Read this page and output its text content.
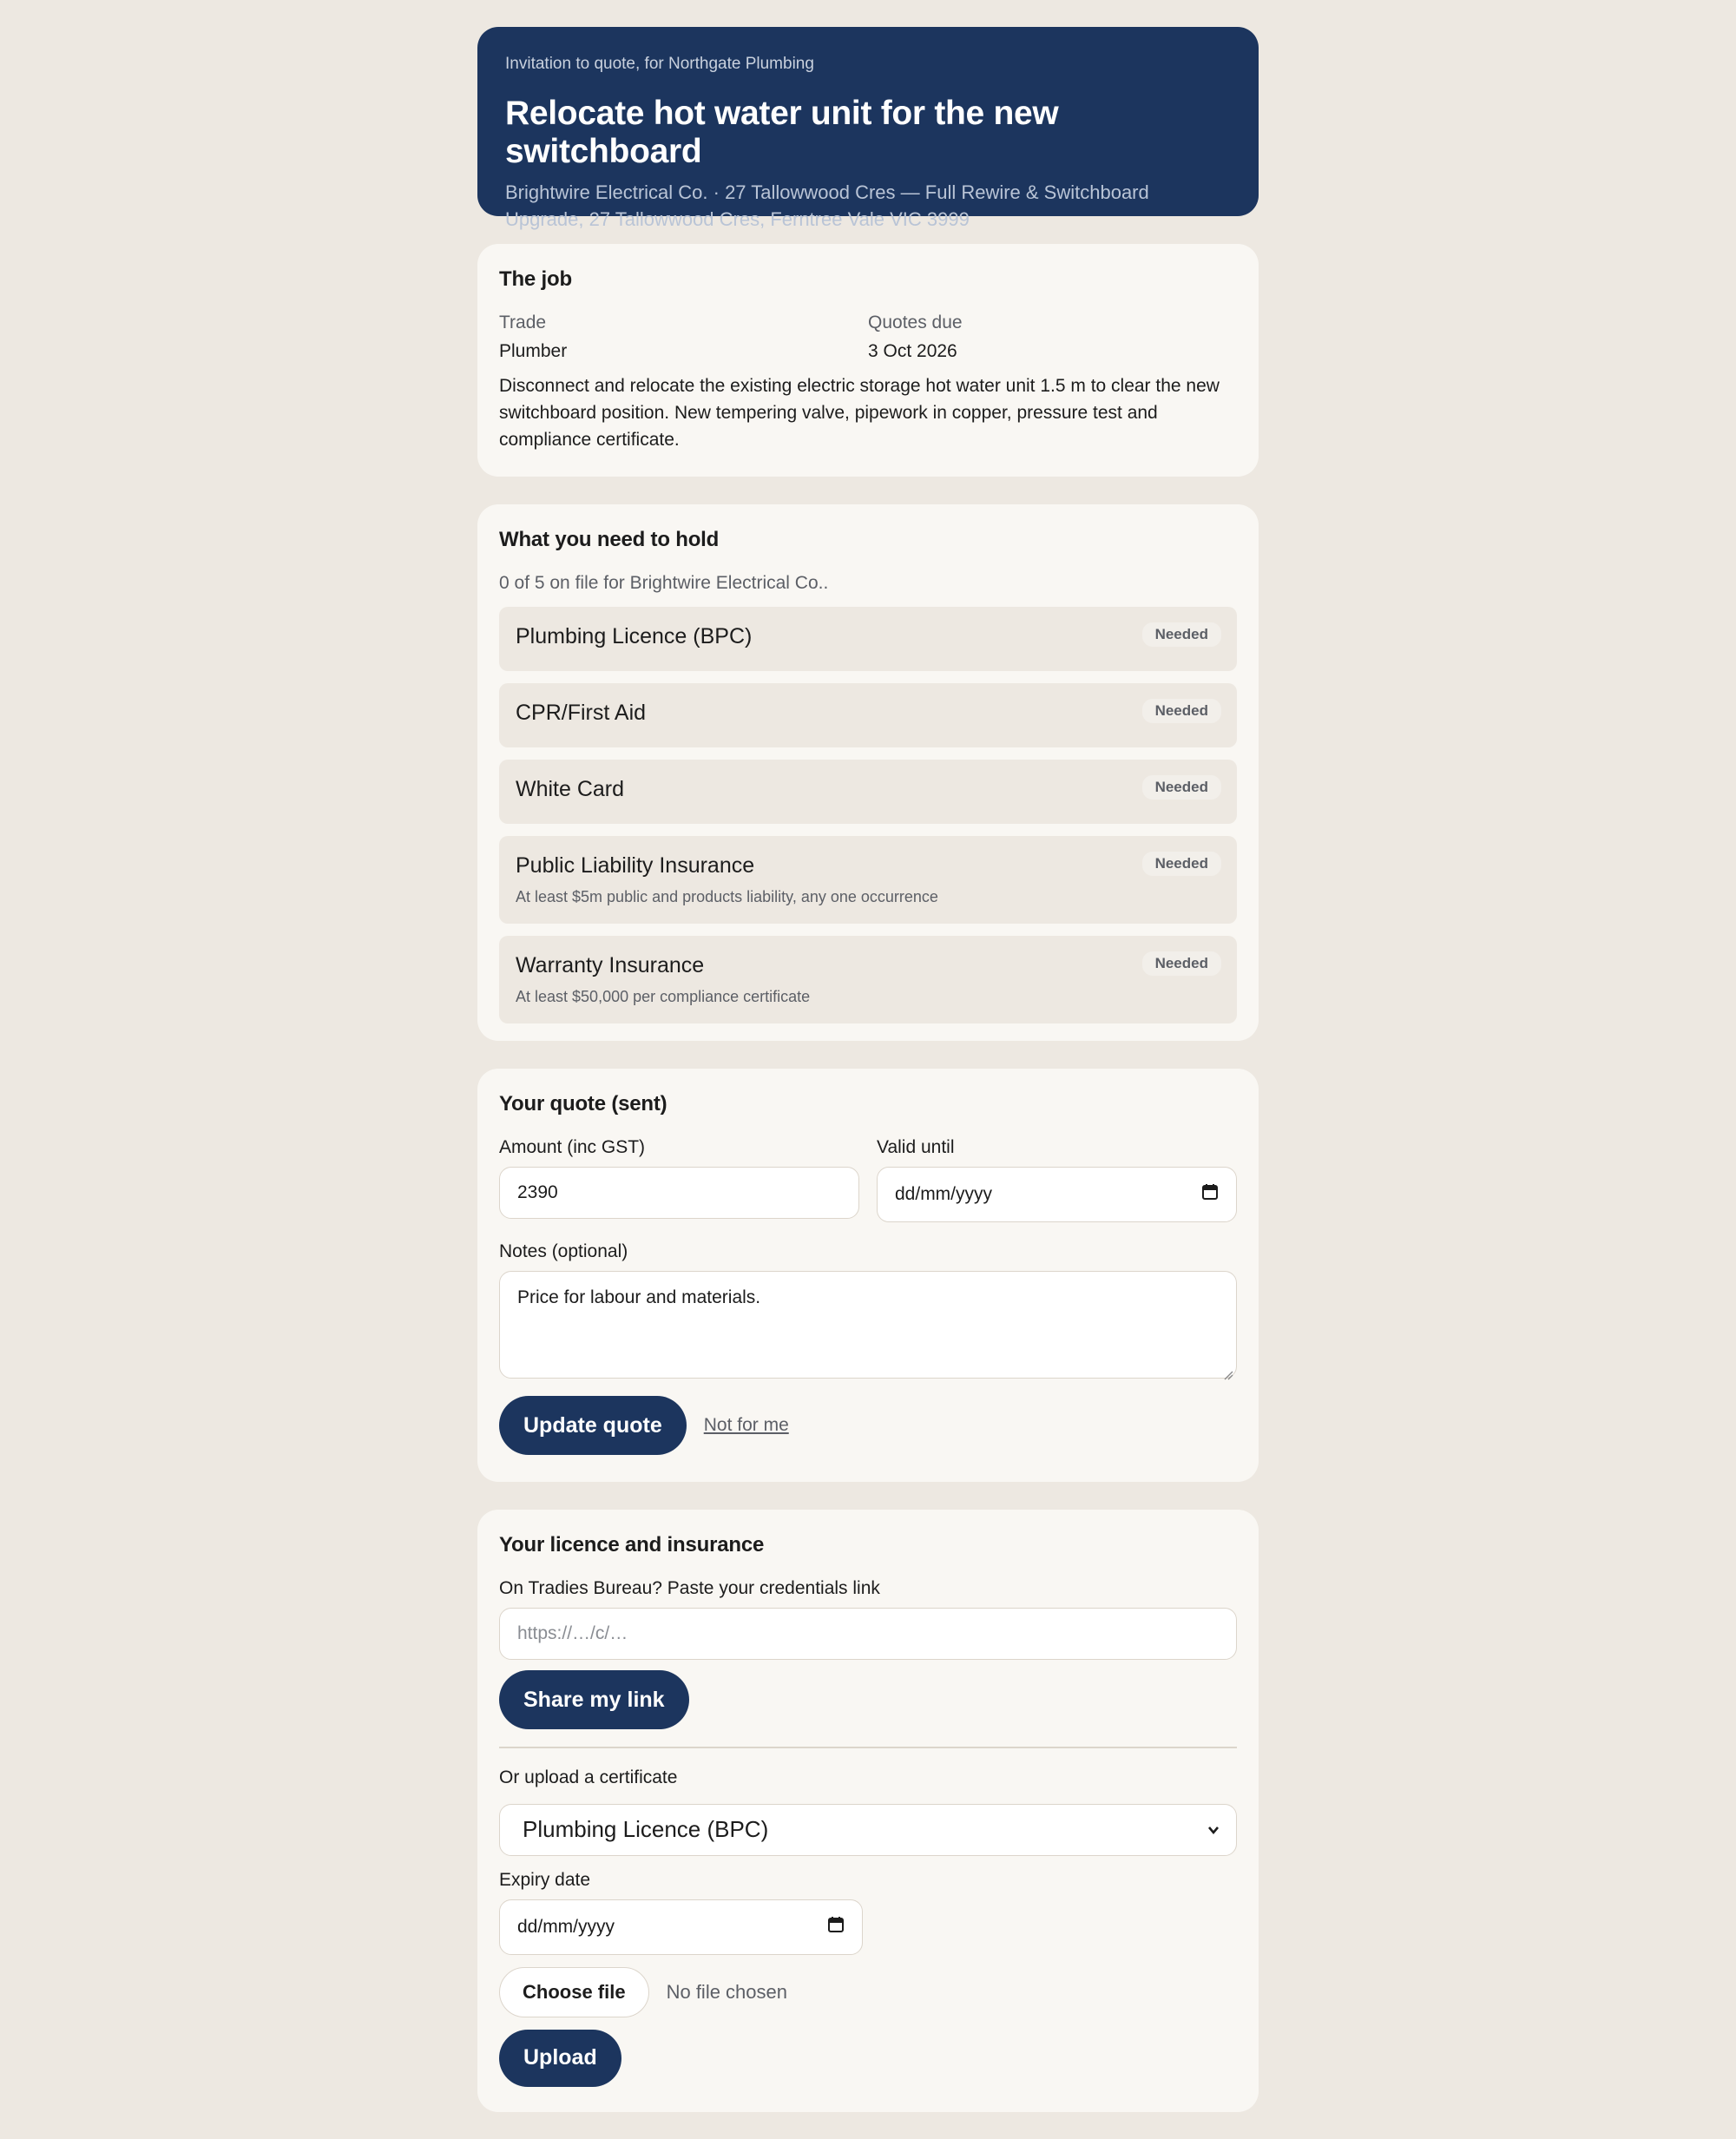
Invitation to quote, for Northgate Plumbing
Relocate hot water unit for the new switchboard
Brightwire Electrical Co. · 27 Tallowwood Cres — Full Rewire & Switchboard Upgrade, 27 Tallowwood Cres, Ferntree Vale VIC 3999
The job
Trade
Plumber
Quotes due
3 Oct 2026
Disconnect and relocate the existing electric storage hot water unit 1.5 m to clear the new switchboard position. New tempering valve, pipework in copper, pressure test and compliance certificate.
What you need to hold
0 of 5 on file for Brightwire Electrical Co..
Plumbing Licence (BPC)	Needed
CPR/First Aid	Needed
White Card	Needed
Public Liability Insurance
At least $5m public and products liability, any one occurrence
Needed
Warranty Insurance
At least $50,000 per compliance certificate
Needed
Your quote (sent)
Amount (inc GST)
2390
Valid until
dd/mm/yyyy
Notes (optional)
Price for labour and materials.
Update quote	Not for me
Your licence and insurance
On Tradies Bureau? Paste your credentials link
https://…/c/…
Share my link
Or upload a certificate
Plumbing Licence (BPC)
Expiry date
dd/mm/yyyy
Choose file	No file chosen
Upload
